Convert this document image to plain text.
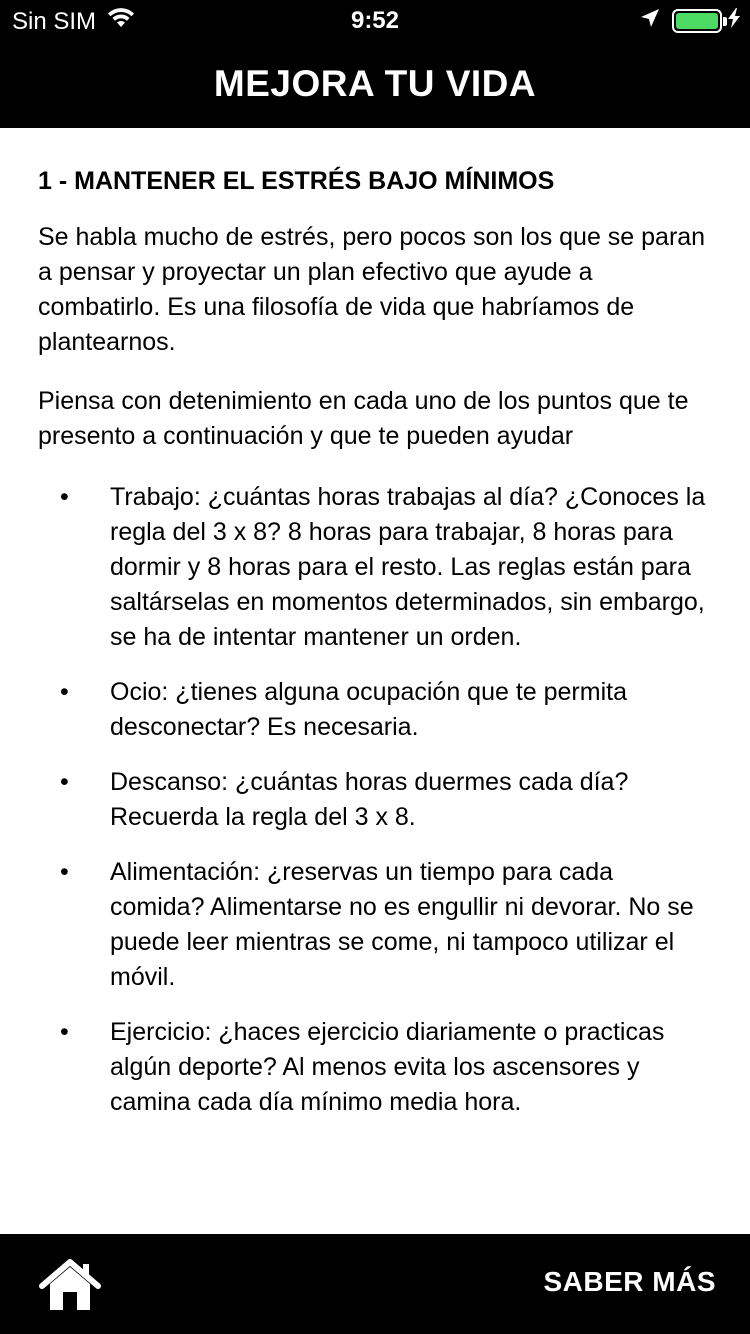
Sin SIM	9:52
MEJORA TU VIDA
1 - MANTENER EL ESTRÉS BAJO MÍNIMOS

Se habla mucho de estrés, pero pocos son los que se paran a pensar y proyectar un plan efectivo que ayude a combatirlo. Es una filosofía de vida que habríamos de plantearnos.

Piensa con detenimiento en cada uno de los puntos que te presento a continuación y que te pueden ayudar

• Trabajo: ¿cuántas horas trabajas al día? ¿Conoces la regla del 3 x 8? 8 horas para trabajar, 8 horas para dormir y 8 horas para el resto. Las reglas están para saltárselas en momentos determinados, sin embargo, se ha de intentar mantener un orden.
• Ocio: ¿tienes alguna ocupación que te permita desconectar? Es necesaria.
• Descanso: ¿cuántas horas duermes cada día? Recuerda la regla del 3 x 8.
• Alimentación: ¿reservas un tiempo para cada comida? Alimentarse no es engullir ni devorar. No se puede leer mientras se come, ni tampoco utilizar el móvil.
• Ejercicio: ¿haces ejercicio diariamente o practicas algún deporte? Al menos evita los ascensores y camina cada día mínimo media hora.
SABER MÁS
